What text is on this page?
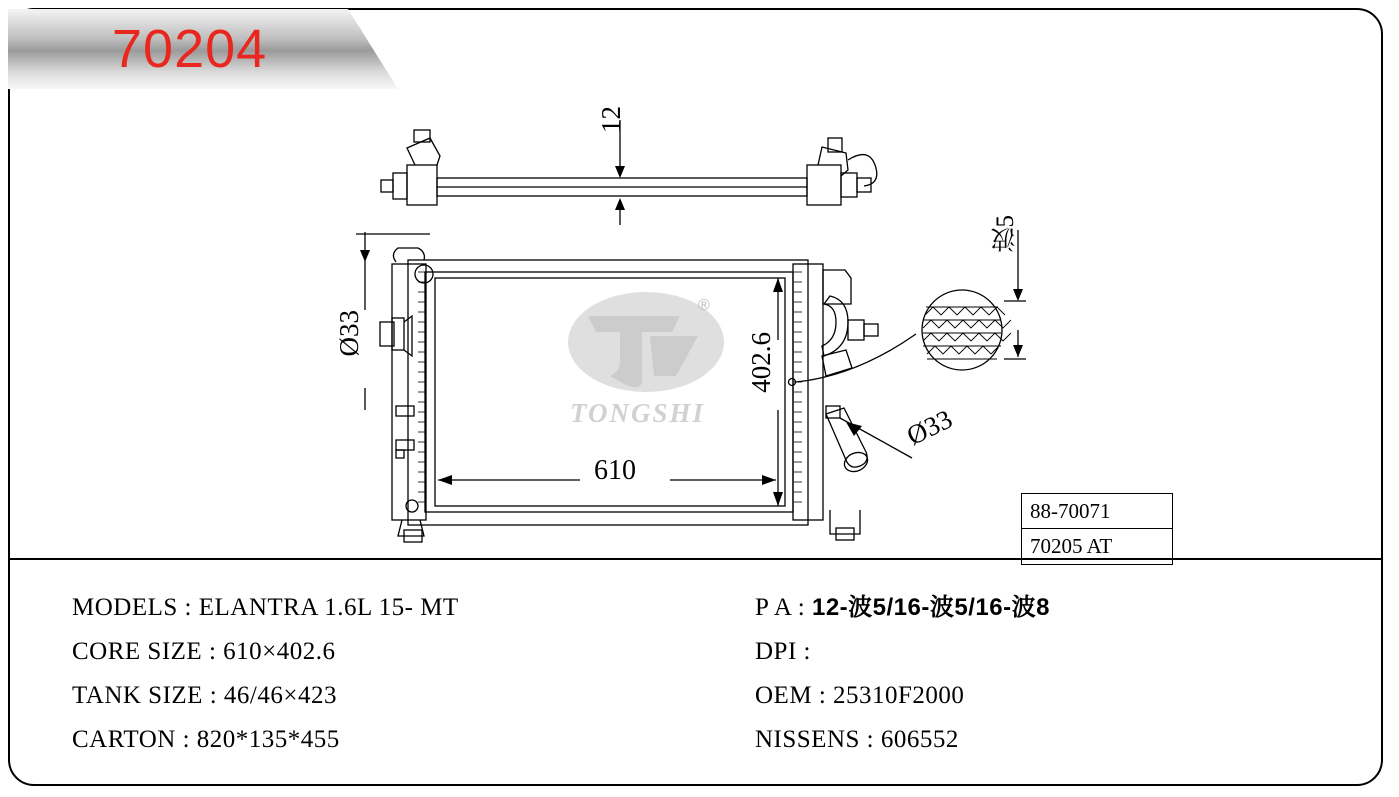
70204
®
TONGSHI
12
Ø33	402.6
610
Ø33
波5
88-70071
70205 AT
MODELS : ELANTRA 1.6L 15- MT
CORE SIZE : 610×402.6
TANK SIZE : 46/46×423
CARTON : 820*135*455
P A : 12-波5/16-波5/16-波8
DPI :
OEM : 25310F2000
NISSENS : 606552
